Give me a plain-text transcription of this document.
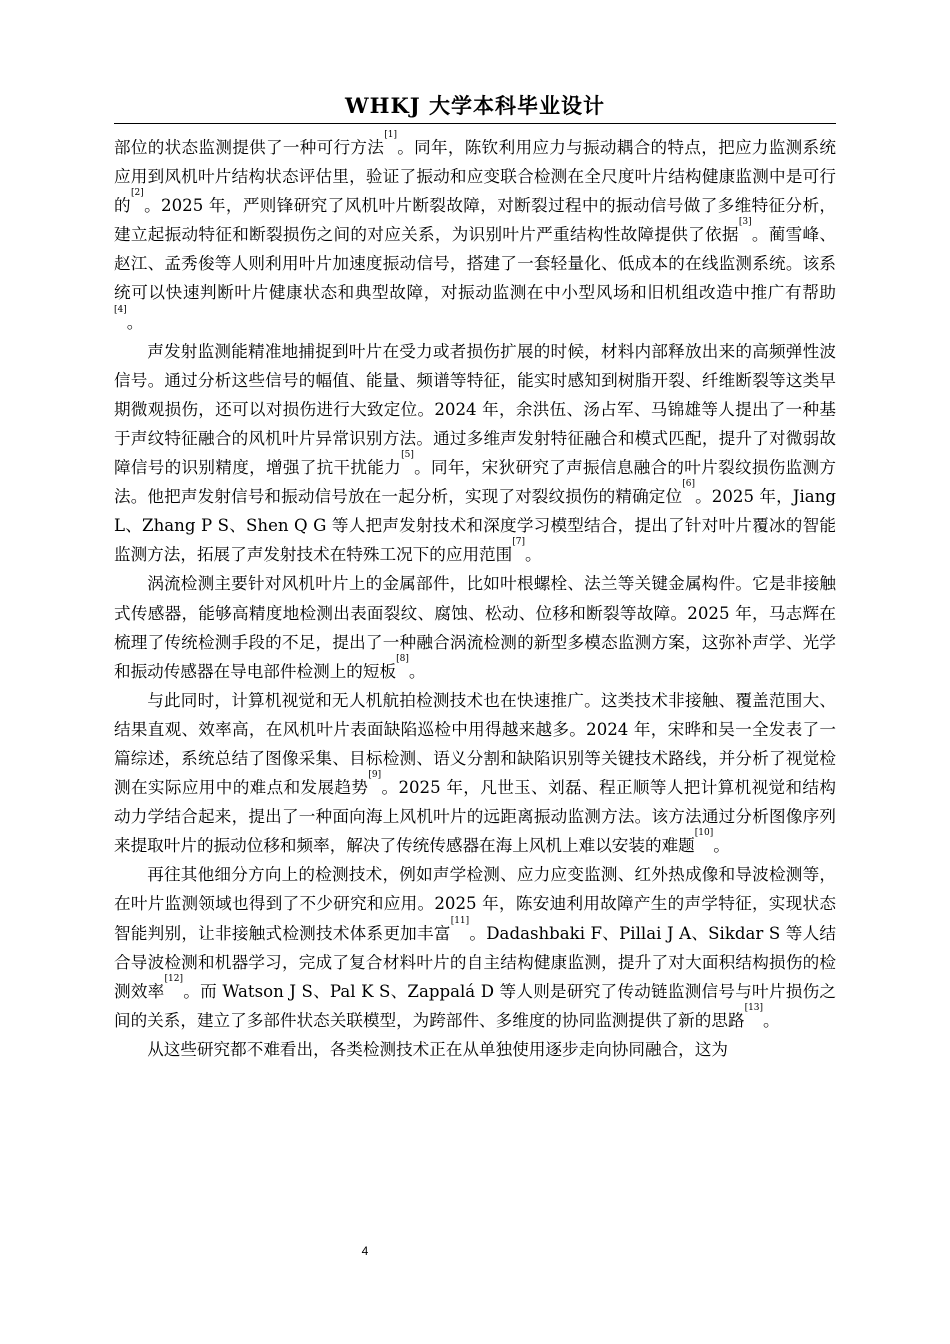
WHKJ 大学本科毕业设计

部位的状态监测提供了一种可行方法[1]。同年，陈钦利用应力与振动耦合的特点，把应力监测系统应用到风机叶片结构状态评估里，验证了振动和应变联合检测在全尺度叶片结构健康监测中是可行的[2]。2025 年，严则锋研究了风机叶片断裂故障，对断裂过程中的振动信号做了多维特征分析，建立起振动特征和断裂损伤之间的对应关系，为识别叶片严重结构性故障提供了依据[3]。蔺雪峰、赵江、孟秀俊等人则利用叶片加速度振动信号，搭建了一套轻量化、低成本的在线监测系统。该系统可以快速判断叶片健康状态和典型故障，对振动监测在中小型风场和旧机组改造中推广有帮助[4]。

声发射监测能精准地捕捉到叶片在受力或者损伤扩展的时候，材料内部释放出来的高频弹性波信号。通过分析这些信号的幅值、能量、频谱等特征，能实时感知到树脂开裂、纤维断裂等这类早期微观损伤，还可以对损伤进行大致定位。2024 年，余洪伍、汤占军、马锦雄等人提出了一种基于声纹特征融合的风机叶片异常识别方法。通过多维声发射特征融合和模式匹配，提升了对微弱故障信号的识别精度，增强了抗干扰能力[5]。同年，宋狄研究了声振信息融合的叶片裂纹损伤监测方法。他把声发射信号和振动信号放在一起分析，实现了对裂纹损伤的精确定位[6]。2025 年，Jiang L、Zhang P S、Shen Q G 等人把声发射技术和深度学习模型结合，提出了针对叶片覆冰的智能监测方法，拓展了声发射技术在特殊工况下的应用范围[7]。

涡流检测主要针对风机叶片上的金属部件，比如叶根螺栓、法兰等关键金属构件。它是非接触式传感器，能够高精度地检测出表面裂纹、腐蚀、松动、位移和断裂等故障。2025 年，马志辉在梳理了传统检测手段的不足，提出了一种融合涡流检测的新型多模态监测方案，这弥补声学、光学和振动传感器在导电部件检测上的短板[8]。

与此同时，计算机视觉和无人机航拍检测技术也在快速推广。这类技术非接触、覆盖范围大、结果直观、效率高，在风机叶片表面缺陷巡检中用得越来越多。2024 年，宋晔和吴一全发表了一篇综述，系统总结了图像采集、目标检测、语义分割和缺陷识别等关键技术路线，并分析了视觉检测在实际应用中的难点和发展趋势[9]。2025 年，凡世玉、刘磊、程正顺等人把计算机视觉和结构动力学结合起来，提出了一种面向海上风机叶片的远距离振动监测方法。该方法通过分析图像序列来提取叶片的振动位移和频率，解决了传统传感器在海上风机上难以安装的难题[10]。

再往其他细分方向上的检测技术，例如声学检测、应力应变监测、红外热成像和导波检测等，在叶片监测领域也得到了不少研究和应用。2025 年，陈安迪利用故障产生的声学特征，实现状态智能判别，让非接触式检测技术体系更加丰富[11]。Dadashbaki F、Pillai J A、Sikdar S 等人结合导波检测和机器学习，完成了复合材料叶片的自主结构健康监测，提升了对大面积结构损伤的检测效率[12]。而 Watson J S、Pal K S、Zappalá D 等人则是研究了传动链监测信号与叶片损伤之间的关系，建立了多部件状态关联模型，为跨部件、多维度的协同监测提供了新的思路[13]。

从这些研究都不难看出，各类检测技术正在从单独使用逐步走向协同融合，这为

4
